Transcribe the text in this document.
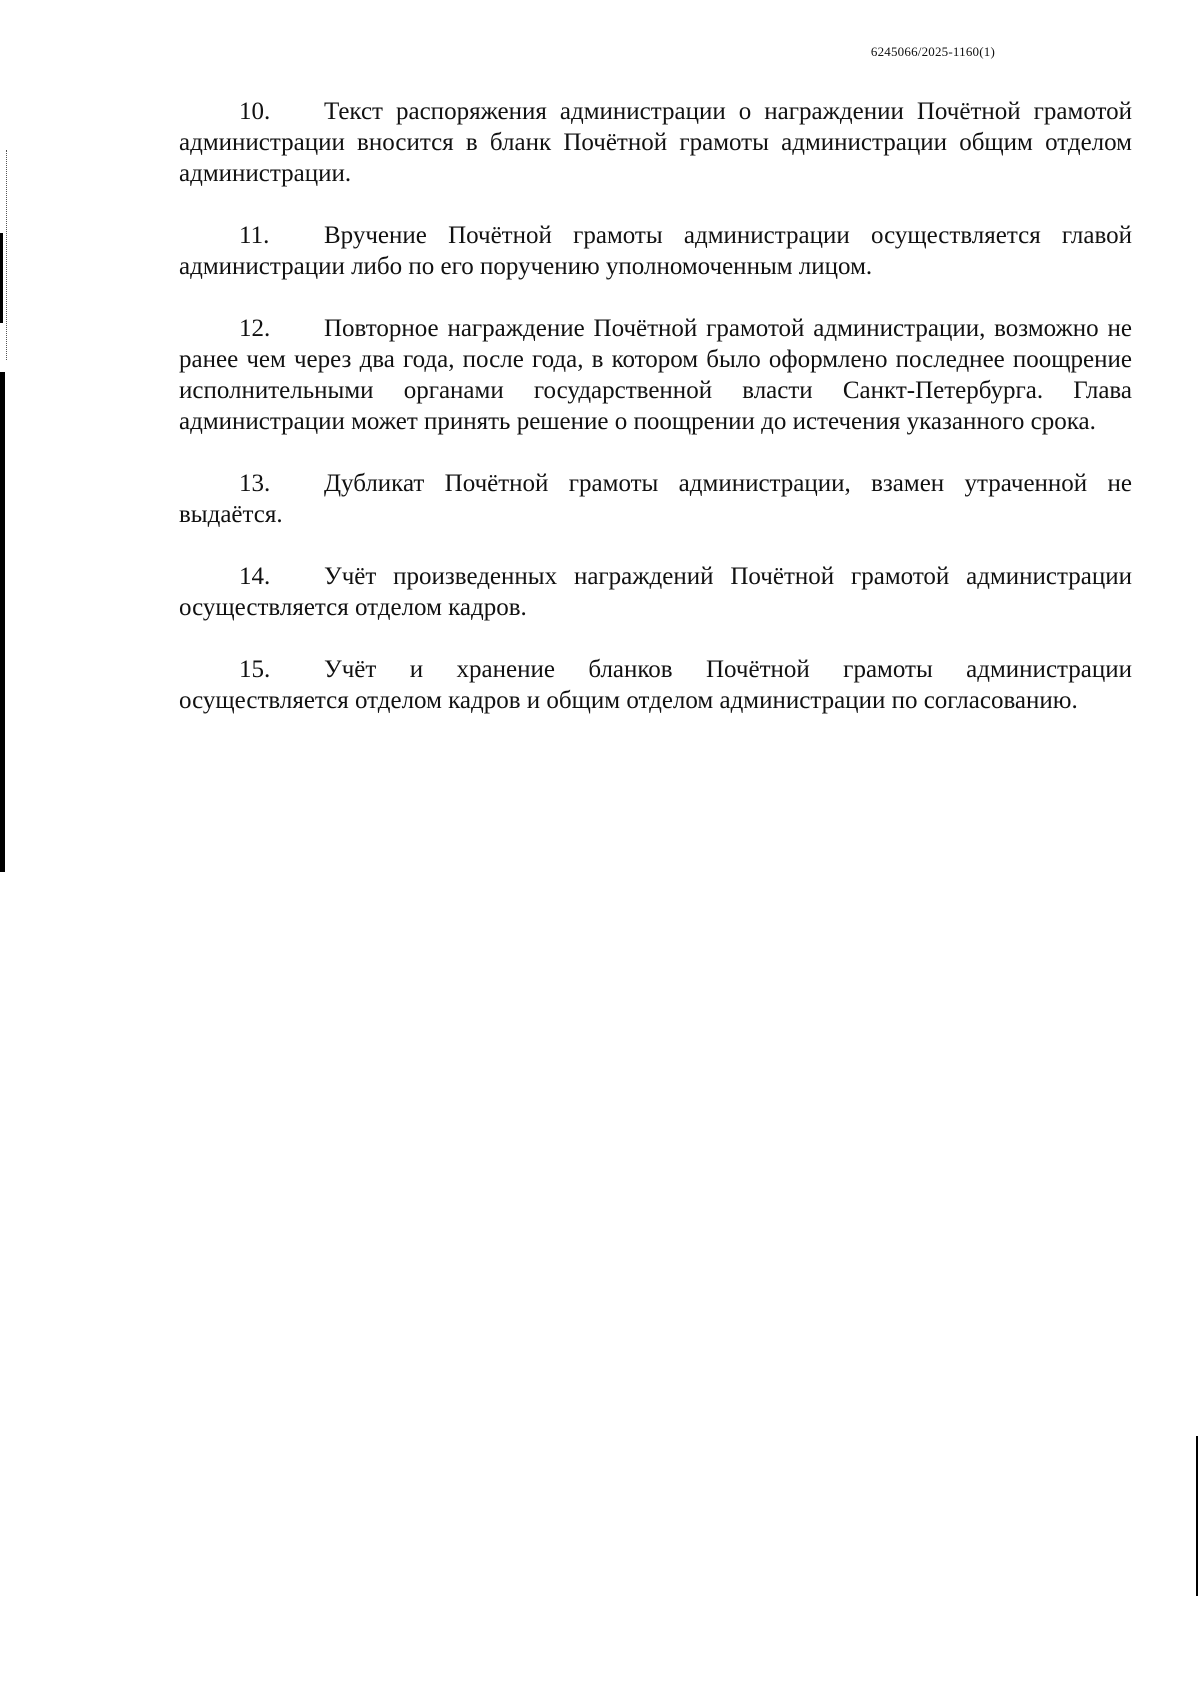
6245066/2025-1160(1)

10. Текст распоряжения администрации о награждении Почётной грамотой администрации вносится в бланк Почётной грамоты администрации общим отделом администрации.

11. Вручение Почётной грамоты администрации осуществляется главой администрации либо по его поручению уполномоченным лицом.

12. Повторное награждение Почётной грамотой администрации, возможно не ранее чем через два года, после года, в котором было оформлено последнее поощрение исполнительными органами государственной власти Санкт-Петербурга. Глава администрации может принять решение о поощрении до истечения указанного срока.

13. Дубликат Почётной грамоты администрации, взамен утраченной не выдаётся.

14. Учёт произведенных награждений Почётной грамотой администрации осуществляется отделом кадров.

15. Учёт и хранение бланков Почётной грамоты администрации осуществляется отделом кадров и общим отделом администрации по согласованию.
